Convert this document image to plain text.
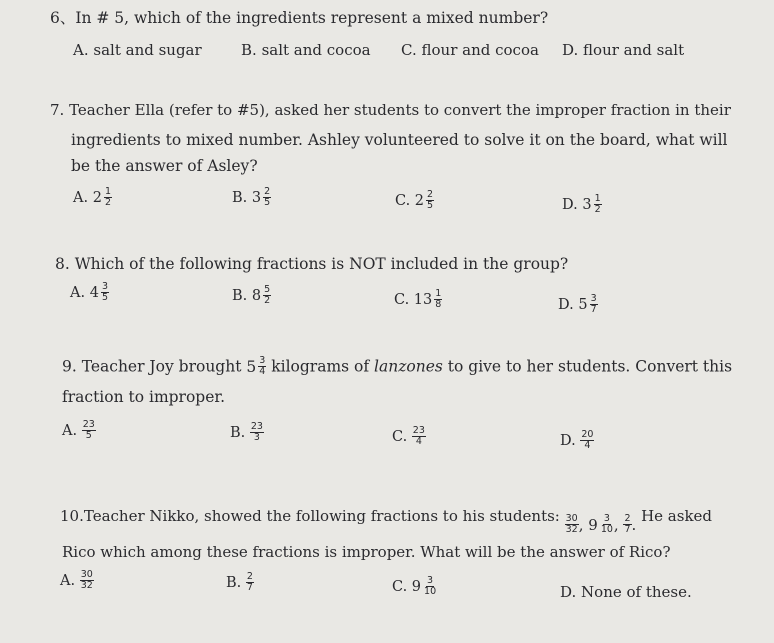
6、In # 5, which of the ingredients represent a mixed number?
A. salt and sugar	B. salt and cocoa C. flour and cocoa D. flour and salt
7. Teacher Ella (refer to #5), asked her students to convert the improper fraction in their
ingredients to mixed number. Ashley volunteered to solve it on the board, what will
be the answer of Asley?
A.
$2 \frac{1}{2}$	B.
$3 \frac{2}{5}$	C.
$2 \frac{2}{5}$	D.
$3 \frac{1}{2}$
8. Which of the following fractions is NOT included in the group?
A.
$4 \frac{3}{5}$	B.
$8 \frac{5}{2}$	C.
$13 \frac{1}{8}$	D.
$5 \frac{3}{7}$
9. Teacher Joy brought $5 \frac{3}{4}$ kilograms of lanzones to give to her students. Convert this
fraction to improper.
A.
$\frac{23}{5}$	B.
$\frac{23}{3}$	C.
$\frac{23}{4}$	D.
$\frac{20}{4}$
10.Teacher Nikko, showed the following fractions to his students: $\frac{30}{32}$ , $9 \frac{3}{10}$ , $\frac{2}{7}$ . He asked
Rico which among these fractions is improper. What will be the answer of Rico?
A.
$\frac{30}{32}$	B.
$\frac{2}{7}$	C.
$9 \frac{3}{10}$	D. None of these.
